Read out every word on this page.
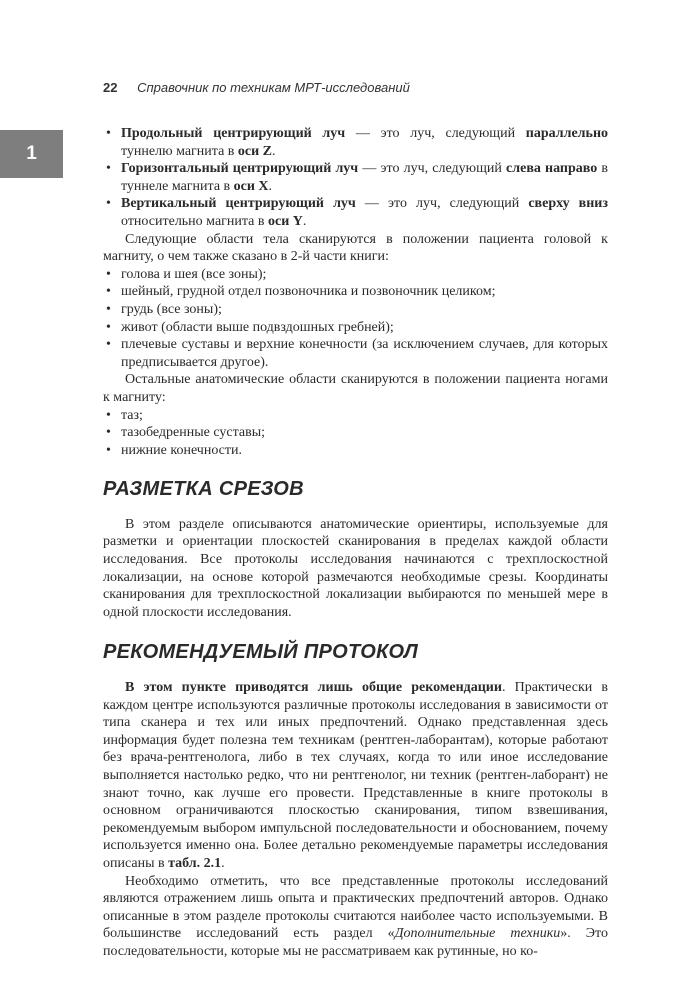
22 Справочник по техникам МРТ-исследований
1
• Продольный центрирующий луч — это луч, следующий параллельно туннелю магнита в оси Z.
• Горизонтальный центрирующий луч — это луч, следующий слева направо в туннеле магнита в оси X.
• Вертикальный центрирующий луч — это луч, следующий сверху вниз относительно магнита в оси Y.

Следующие области тела сканируются в положении пациента головой к магниту, о чем также сказано в 2-й части книги:

• голова и шея (все зоны);
• шейный, грудной отдел позвоночника и позвоночник целиком;
• грудь (все зоны);
• живот (области выше подвздошных гребней);
• плечевые суставы и верхние конечности (за исключением случаев, для которых предписывается другое).

Остальные анатомические области сканируются в положении пациента ногами к магниту:

• таз;
• тазобедренные суставы;
• нижние конечности.
РАЗМЕТКА СРЕЗОВ

В этом разделе описываются анатомические ориентиры, используемые для разметки и ориентации плоскостей сканирования в пределах каждой области исследования. Все протоколы исследования начинаются с трехплоскостной локализации, на основе которой размечаются необходимые срезы. Координаты сканирования для трехплоскостной локализации выбираются по меньшей мере в одной плоскости исследования.

РЕКОМЕНДУЕМЫЙ ПРОТОКОЛ

В этом пункте приводятся лишь общие рекомендации. Практически в каждом центре используются различные протоколы исследования в зависимости от типа сканера и тех или иных предпочтений. Однако представленная здесь информация будет полезна тем техникам (рентген-лаборантам), которые работают без врача-рентгенолога, либо в тех случаях, когда то или иное исследование выполняется настолько редко, что ни рентгенолог, ни техник (рентген-лаборант) не знают точно, как лучше его провести. Представленные в книге протоколы в основном ограничиваются плоскостью сканирования, типом взвешивания, рекомендуемым выбором импульсной последовательности и обоснованием, почему используется именно она. Более детально рекомендуемые параметры исследования описаны в табл. 2.1.

Необходимо отметить, что все представленные протоколы исследований являются отражением лишь опыта и практических предпочтений авторов. Однако описанные в этом разделе протоколы считаются наиболее часто используемыми. В большинстве исследований есть раздел «Дополнительные техники». Это последовательности, которые мы не рассматриваем как рутинные, но ко-
